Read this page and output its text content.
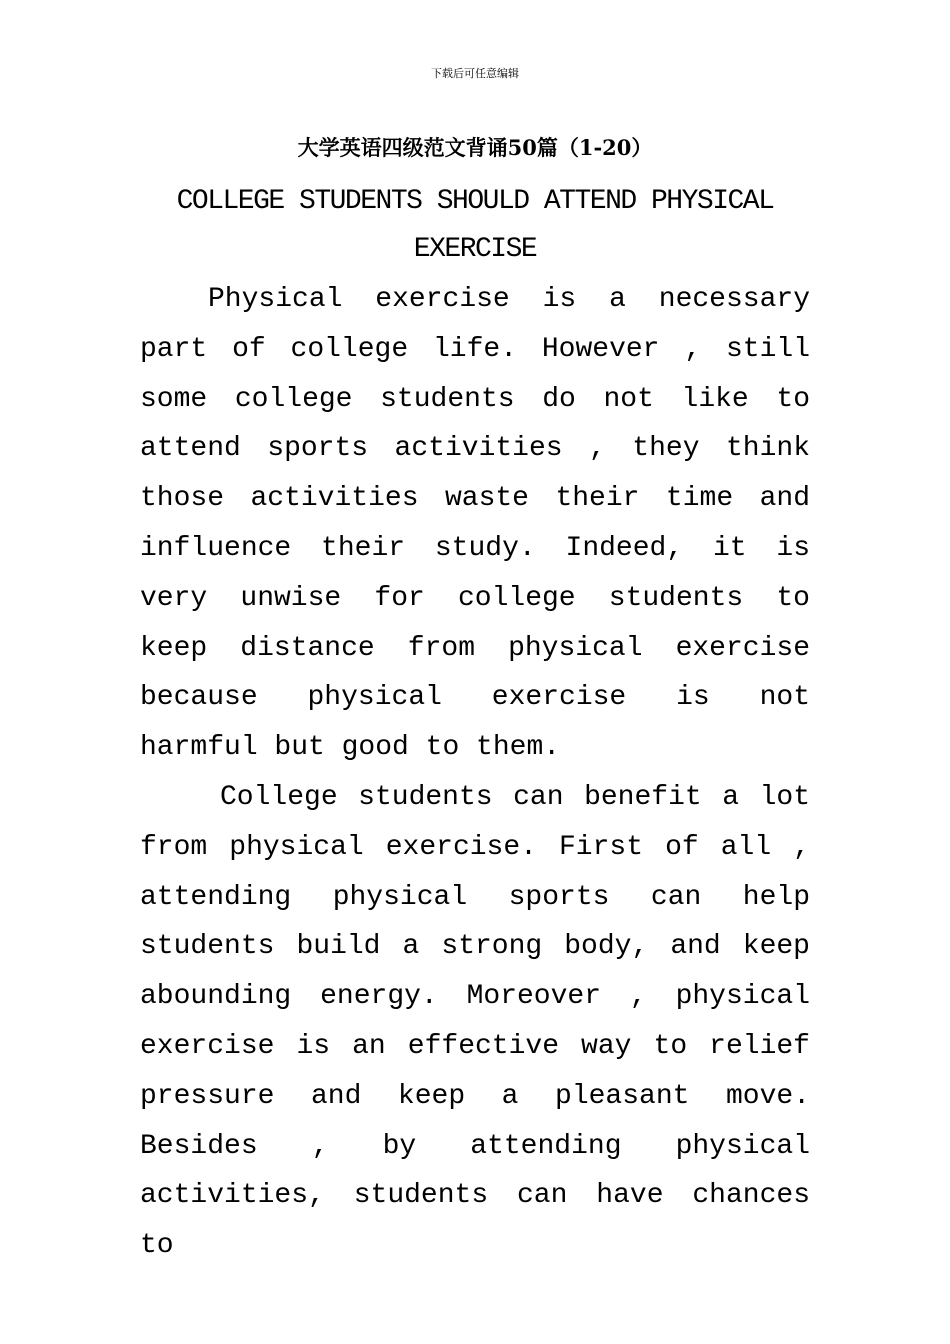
下载后可任意编辑
大学英语四级范文背诵50篇（1-20）
COLLEGE STUDENTS SHOULD ATTEND PHYSICAL EXERCISE

Physical exercise is a necessary part of college life. However , still some college students do not like to attend sports activities , they think those activities waste their time and influence their study. Indeed, it is very unwise for college students to keep distance from physical exercise because physical exercise is not harmful but good to them.

College students can benefit a lot from physical exercise. First of all , attending physical sports can help students build a strong body, and keep abounding energy. Moreover , physical exercise is an effective way to relief pressure and keep a pleasant move. Besides , by attending physical activities, students can have chances to
